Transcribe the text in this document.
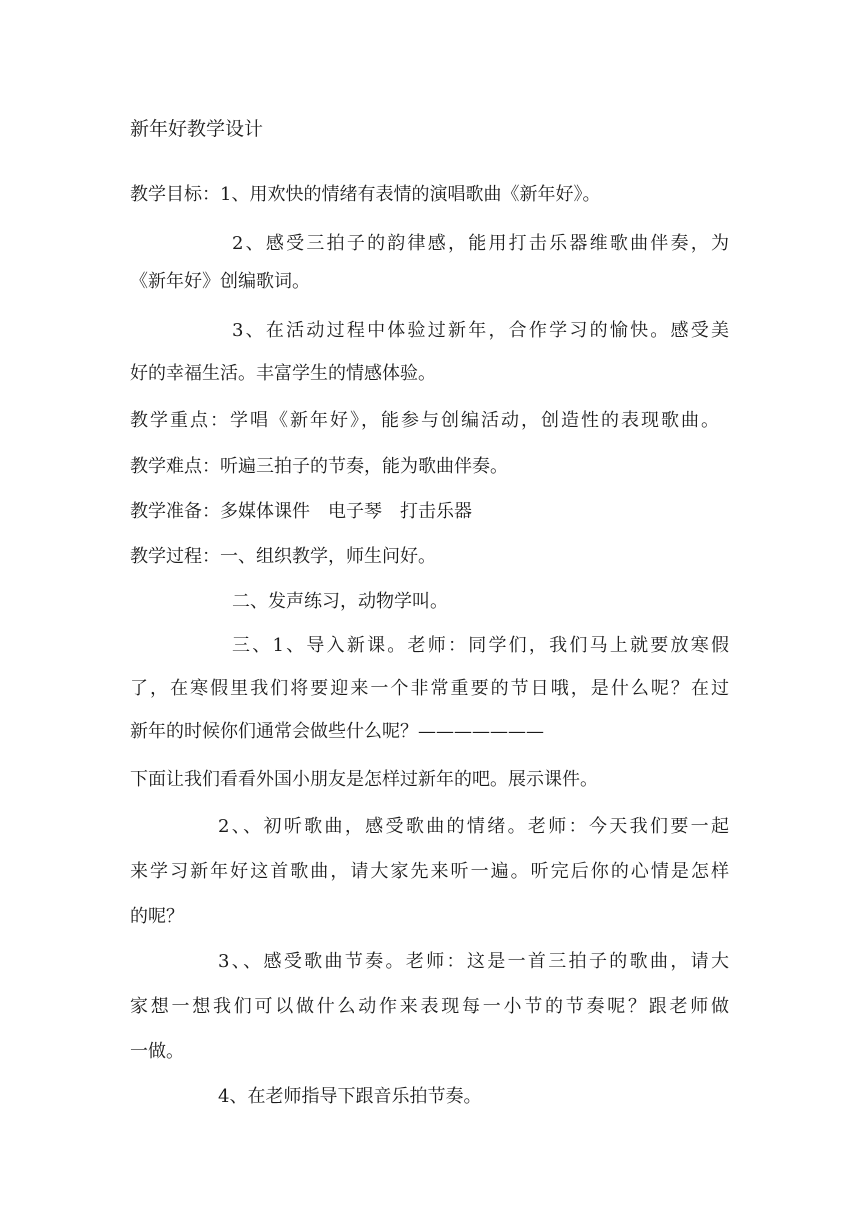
新年好教学设计
教学目标：1、用欢快的情绪有表情的演唱歌曲《新年好》。
2、感受三拍子的韵律感，能用打击乐器维歌曲伴奏，为
《新年好》创编歌词。
3、在活动过程中体验过新年，合作学习的愉快。感受美
好的幸福生活。丰富学生的情感体验。
教学重点：学唱《新年好》，能参与创编活动，创造性的表现歌曲。
教学难点：听遍三拍子的节奏，能为歌曲伴奏。
教学准备：多媒体课件　电子琴　打击乐器
教学过程：一、组织教学，师生问好。
二、发声练习，动物学叫。
三、1、导入新课。老师：同学们，我们马上就要放寒假
了，在寒假里我们将要迎来一个非常重要的节日哦，是什么呢？在过
新年的时候你们通常会做些什么呢？———————
下面让我们看看外国小朋友是怎样过新年的吧。展示课件。
2、、初听歌曲，感受歌曲的情绪。老师：今天我们要一起
来学习新年好这首歌曲，请大家先来听一遍。听完后你的心情是怎样
的呢？
3、、感受歌曲节奏。老师：这是一首三拍子的歌曲，请大
家想一想我们可以做什么动作来表现每一小节的节奏呢？跟老师做
一做。
4、在老师指导下跟音乐拍节奏。
